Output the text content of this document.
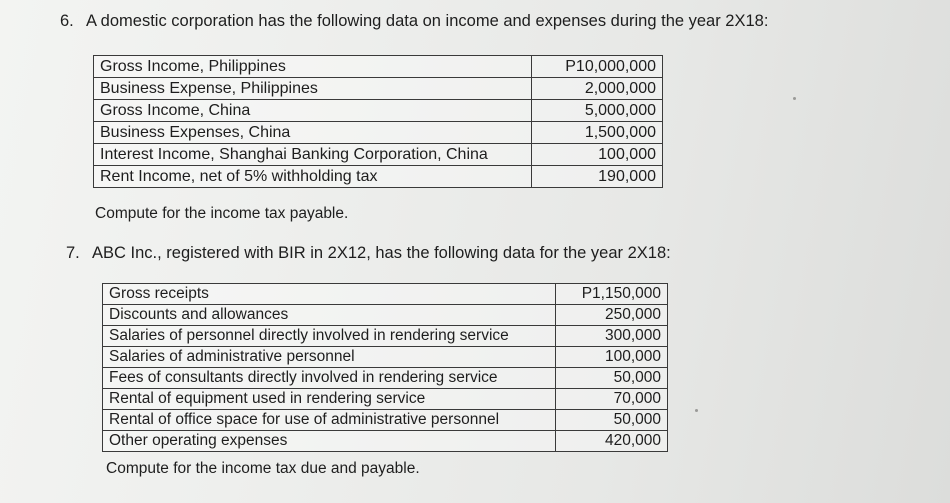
6. A domestic corporation has the following data on income and expenses during the year 2X18:
Gross Income, Philippines	P10,000,000
Business Expense, Philippines	2,000,000
Gross Income, China	5,000,000
Business Expenses, China	1,500,000
Interest Income, Shanghai Banking Corporation, China	100,000
Rent Income, net of 5% withholding tax	190,000
Compute for the income tax payable.
7. ABC Inc., registered with BIR in 2X12, has the following data for the year 2X18:
Gross receipts	P1,150,000
Discounts and allowances	250,000
Salaries of personnel directly involved in rendering service	300,000
Salaries of administrative personnel	100,000
Fees of consultants directly involved in rendering service	50,000
Rental of equipment used in rendering service	70,000
Rental of office space for use of administrative personnel	50,000
Other operating expenses	420,000
Compute for the income tax due and payable.
